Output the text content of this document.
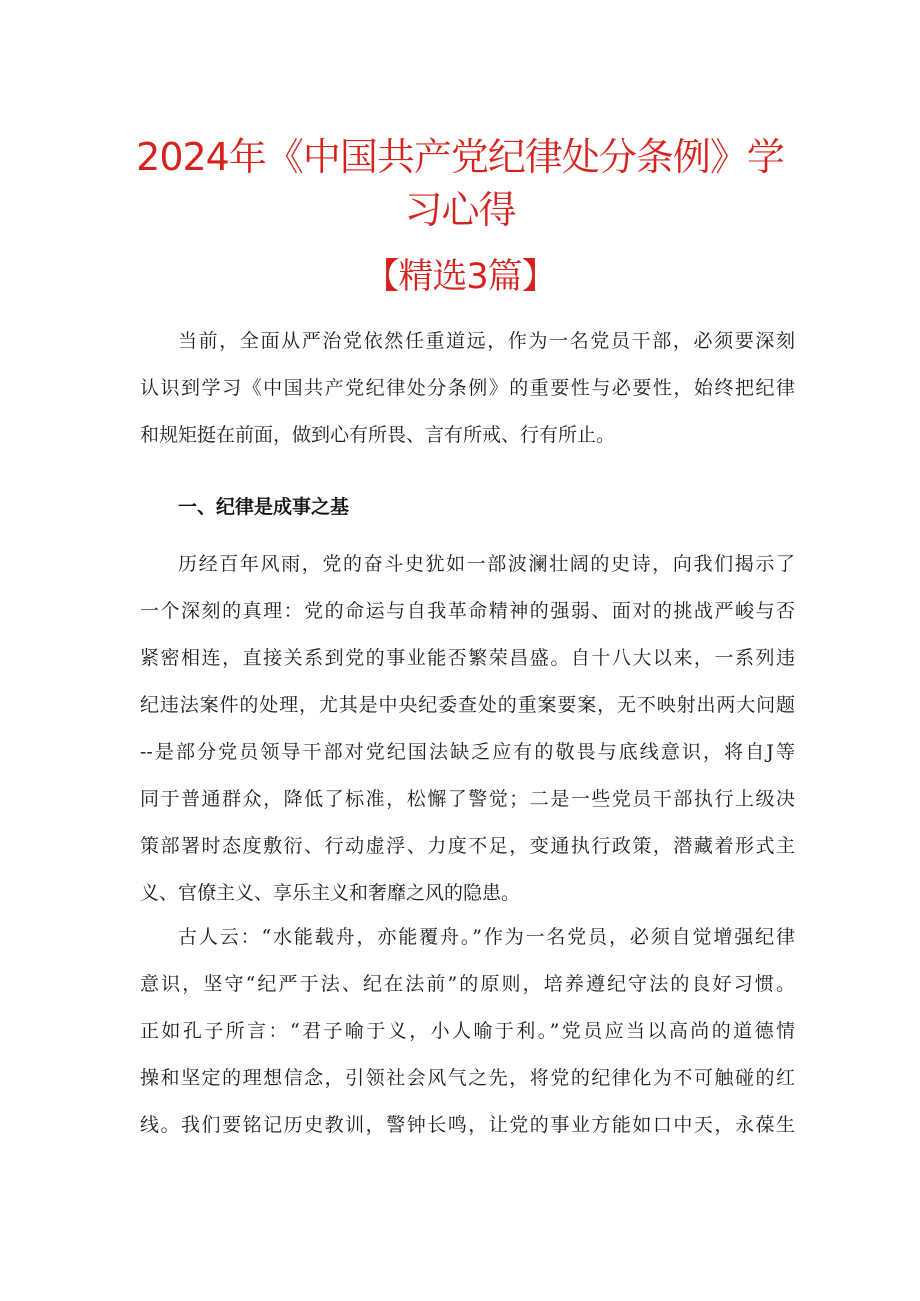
2024年《中国共产党纪律处分条例》学
习心得
【精选3篇】
当前，全面从严治党依然任重道远，作为一名党员干部，必须要深刻
认识到学习《中国共产党纪律处分条例》的重要性与必要性，始终把纪律
和规矩挺在前面，做到心有所畏、言有所戒、行有所止。
一、纪律是成事之基
历经百年风雨，党的奋斗史犹如一部波澜壮阔的史诗，向我们揭示了
一个深刻的真理：党的命运与自我革命精神的强弱、面对的挑战严峻与否
紧密相连，直接关系到党的事业能否繁荣昌盛。自十八大以来，一系列违
纪违法案件的处理，尤其是中央纪委查处的重案要案，无不映射出两大问题
--是部分党员领导干部对党纪国法缺乏应有的敬畏与底线意识，将自J等
同于普通群众，降低了标准，松懈了警觉；二是一些党员干部执行上级决
策部署时态度敷衍、行动虚浮、力度不足，变通执行政策，潜藏着形式主
义、官僚主义、享乐主义和奢靡之风的隐患。
古人云：“水能载舟，亦能覆舟。”作为一名党员，必须自觉增强纪律
意识，坚守“纪严于法、纪在法前”的原则，培养遵纪守法的良好习惯。
正如孔子所言：“君子喻于义，小人喻于利。”党员应当以高尚的道德情
操和坚定的理想信念，引领社会风气之先，将党的纪律化为不可触碰的红
线。我们要铭记历史教训，警钟长鸣，让党的事业方能如口中天，永葆生
